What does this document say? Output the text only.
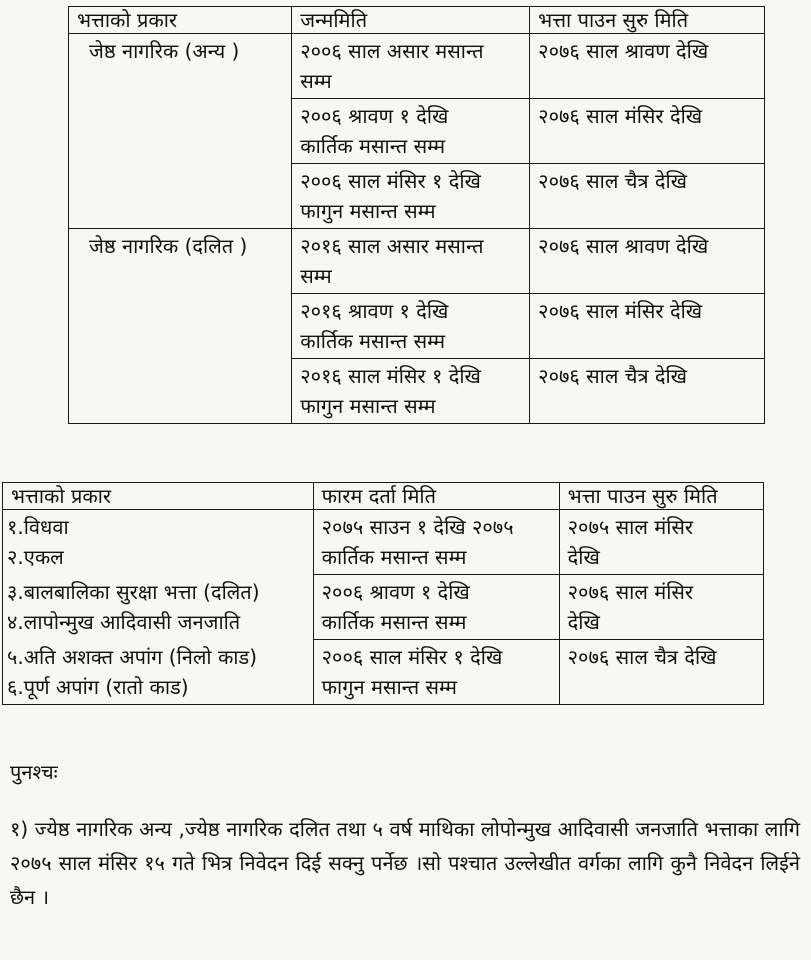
भत्ताको प्रकार	जन्ममिति	भत्ता पाउन सुरु मिति
जेष्ठ नागरिक (अन्य )	२००६ साल असार मसान्त
सम्म	२०७६ साल श्रावण देखि

	२००६ श्रावण १ देखि
कार्तिक मसान्त सम्म	२०७६ साल मंसिर देखि

	२००६ साल मंसिर १ देखि
फागुन मसान्त सम्म	२०७६ साल चैत्र देखि
जेष्ठ नागरिक (दलित )	२०१६ साल असार मसान्त
सम्म	२०७६ साल श्रावण देखि

	२०१६ श्रावण १ देखि
कार्तिक मसान्त सम्म	२०७६ साल मंसिर देखि

	२०१६ साल मंसिर १ देखि
फागुन मसान्त सम्म	२०७६ साल चैत्र देखि
भत्ताको प्रकार	फारम दर्ता मिति	भत्ता पाउन सुरु मिति

१.विधवा
२.एकल	२०७५ साउन १ देखि २०७५
कार्तिक मसान्त सम्म	२०७५ साल मंसिर
देखि

३.बालबालिका सुरक्षा भत्ता (दलित)
४.लापोन्मुख आदिवासी जनजाति	२००६ श्रावण १ देखि
कार्तिक मसान्त सम्म	२०७६ साल मंसिर
देखि

५.अति अशक्त अपांग (निलो काड)
६.पूर्ण अपांग (रातो काड)	२००६ साल मंसिर १ देखि
फागुन मसान्त सम्म	२०७६ साल चैत्र देखि
पुनश्चः
१) ज्येष्ठ नागरिक अन्य ,ज्येष्ठ नागरिक दलित तथा ५ वर्ष माथिका लोपोन्मुख आदिवासी जनजाति भत्ताका लागि २०७५ साल मंसिर १५ गते भित्र निवेदन दिई सक्नु पर्नेछ ।सो पश्चात उल्लेखीत वर्गका लागि कुनै निवेदन लिईने छैन ।
